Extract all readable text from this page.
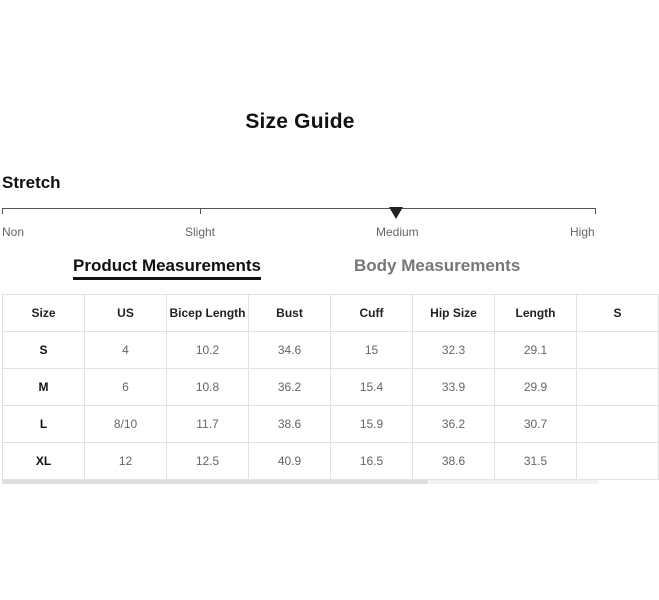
Size Guide
Stretch
Non	Slight	Medium	High
Product Measurements	Body Measurements
Size	US	Bicep Length	Bust	Cuff	Hip Size	Length	S
S	4	10.2	34.6	15	32.3	29.1	
M	6	10.8	36.2	15.4	33.9	29.9	
L	8/10	11.7	38.6	15.9	36.2	30.7	
XL	12	12.5	40.9	16.5	38.6	31.5	
